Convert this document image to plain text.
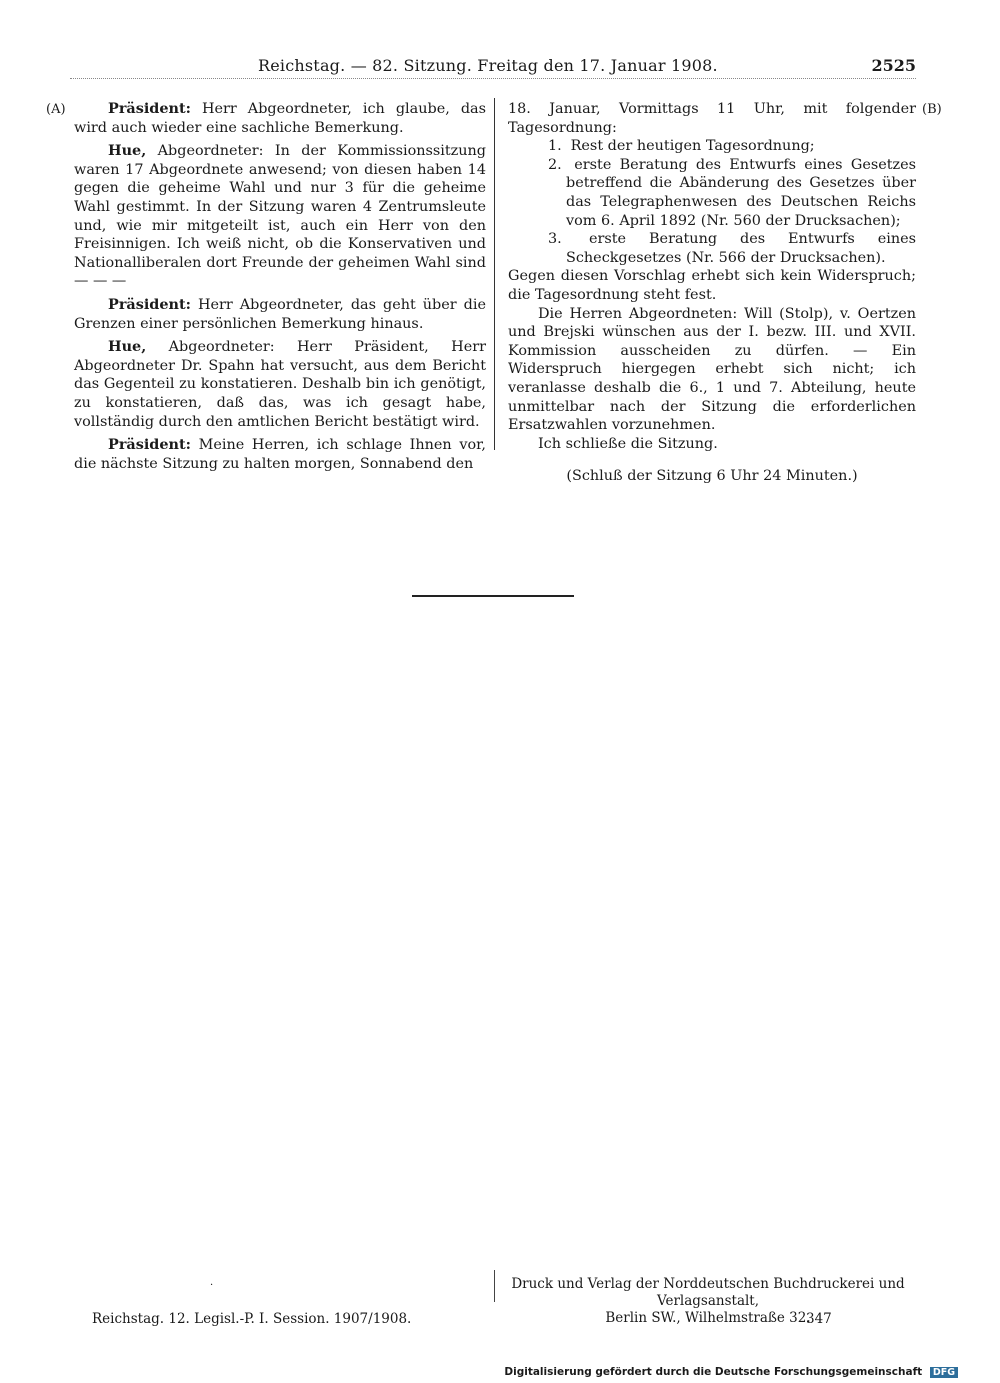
Reichstag. — 82. Sitzung. Freitag den 17. Januar 1908.	2525
(A)	(B)

Präsident: Herr Abgeordneter, ich glaube, das wird auch wieder eine sachliche Bemerkung.

Hue, Abgeordneter: In der Kommissionssitzung waren 17 Abgeordnete anwesend; von diesen haben 14 gegen die geheime Wahl und nur 3 für die geheime Wahl gestimmt. In der Sitzung waren 4 Zentrumsleute und, wie mir mitgeteilt ist, auch ein Herr von den Freisinnigen. Ich weiß nicht, ob die Konservativen und Nationalliberalen dort Freunde der geheimen Wahl sind — — —

Präsident: Herr Abgeordneter, das geht über die Grenzen einer persönlichen Bemerkung hinaus.

Hue, Abgeordneter: Herr Präsident, Herr Abgeordneter Dr. Spahn hat versucht, aus dem Bericht das Gegenteil zu konstatieren. Deshalb bin ich genötigt, zu konstatieren, daß das, was ich gesagt habe, vollständig durch den amtlichen Bericht bestätigt wird.

Präsident: Meine Herren, ich schlage Ihnen vor, die nächste Sitzung zu halten morgen, Sonnabend den

18. Januar, Vormittags 11 Uhr, mit folgender Tagesordnung:

1. Rest der heutigen Tagesordnung;
2. erste Beratung des Entwurfs eines Gesetzes betreffend die Abänderung des Gesetzes über das Telegraphenwesen des Deutschen Reichs vom 6. April 1892 (Nr. 560 der Drucksachen);
3. erste Beratung des Entwurfs eines Scheckgesetzes (Nr. 566 der Drucksachen).

Gegen diesen Vorschlag erhebt sich kein Widerspruch; die Tagesordnung steht fest.

Die Herren Abgeordneten: Will (Stolp), v. Oertzen und Brejski wünschen aus der I. bezw. III. und XVII. Kommission ausscheiden zu dürfen. — Ein Widerspruch hiergegen erhebt sich nicht; ich veranlasse deshalb die 6., 1 und 7. Abteilung, heute unmittelbar nach der Sitzung die erforderlichen Ersatzwahlen vorzunehmen.

Ich schließe die Sitzung.

(Schluß der Sitzung 6 Uhr 24 Minuten.)

·	Druck und Verlag der Norddeutschen Buchdruckerei und Verlagsanstalt,
Berlin SW., Wilhelmstraße 32.
Reichstag. 12. Legisl.-P. I. Session. 1907/1908.	347
Digitalisierung gefördert durch die Deutsche Forschungsgemeinschaft DFG
